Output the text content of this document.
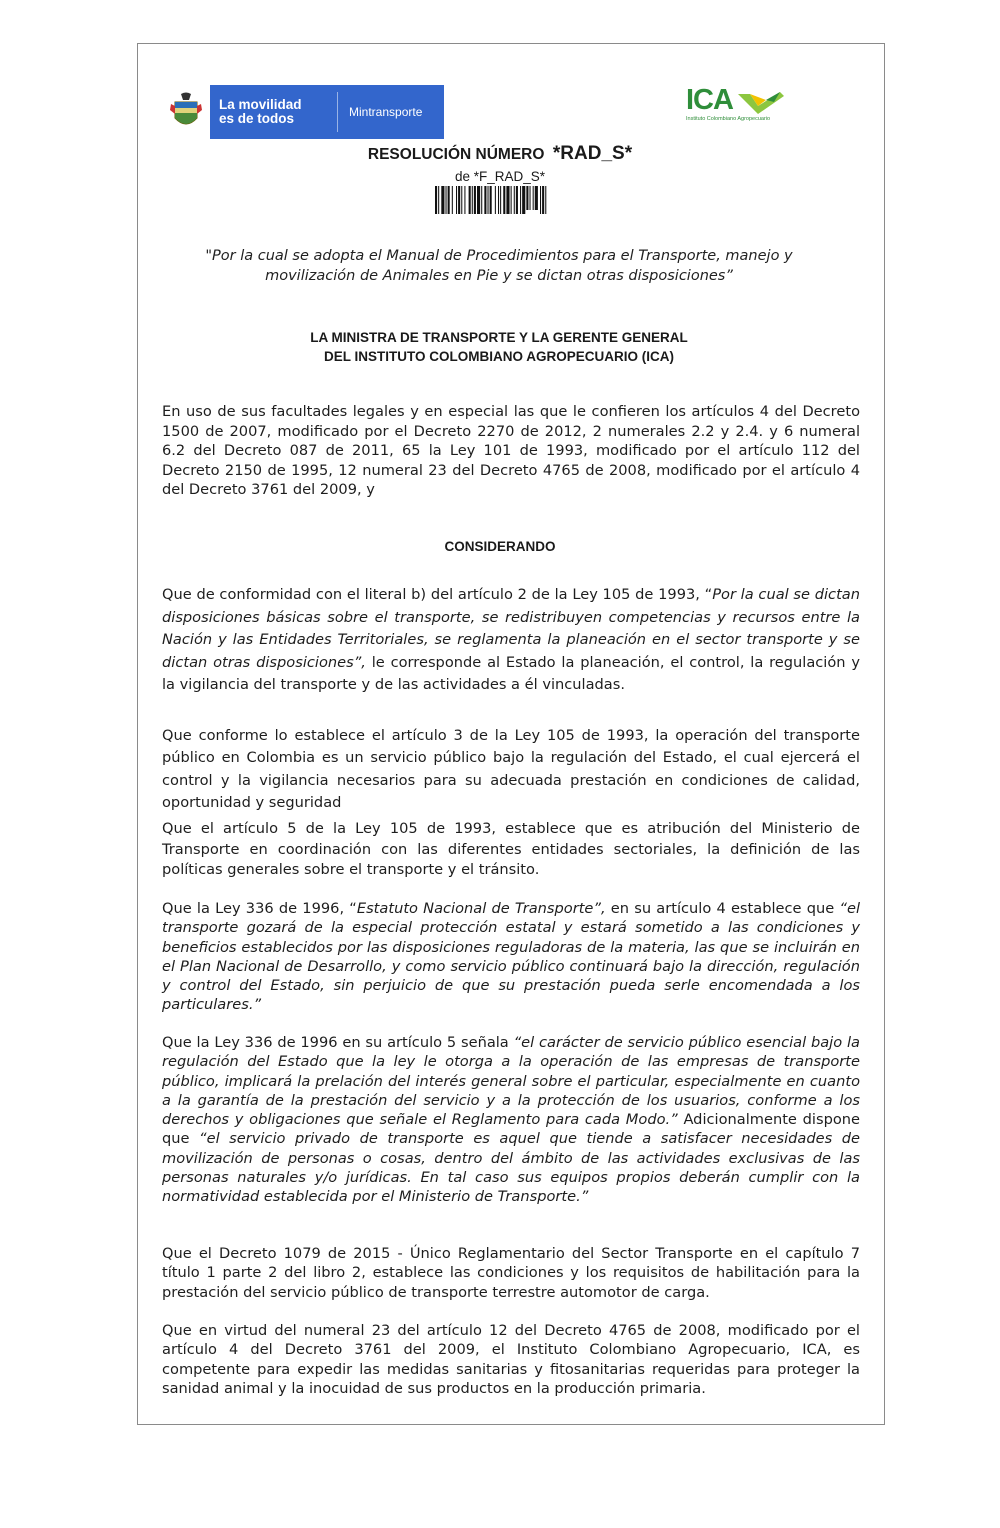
La movilidad
es de todos	Mintransporte	ICA
Instituto Colombiano Agropecuario
RESOLUCIÓN NÚMERO *RAD_S*
de *F_RAD_S*
"Por la cual se adopta el Manual de Procedimientos para el Transporte, manejo y movilización de Animales en Pie y se dictan otras disposiciones”
LA MINISTRA DE TRANSPORTE Y LA GERENTE GENERAL
DEL INSTITUTO COLOMBIANO AGROPECUARIO (ICA)
En uso de sus facultades legales y en especial las que le confieren los artículos 4 del Decreto 1500 de 2007, modificado por el Decreto 2270 de 2012, 2 numerales 2.2 y 2.4. y 6 numeral 6.2 del Decreto 087 de 2011, 65 la Ley 101 de 1993, modificado por el artículo 112 del Decreto 2150 de 1995, 12 numeral 23 del Decreto 4765 de 2008, modificado por el artículo 4 del Decreto 3761 del 2009, y
CONSIDERANDO
Que de conformidad con el literal b) del artículo 2 de la Ley 105 de 1993, “Por la cual se dictan disposiciones básicas sobre el transporte, se redistribuyen competencias y recursos entre la Nación y las Entidades Territoriales, se reglamenta la planeación en el sector transporte y se dictan otras disposiciones”, le corresponde al Estado la planeación, el control, la regulación y la vigilancia del transporte y de las actividades a él vinculadas.
Que conforme lo establece el artículo 3 de la Ley 105 de 1993, la operación del transporte público en Colombia es un servicio público bajo la regulación del Estado, el cual ejercerá el control y la vigilancia necesarios para su adecuada prestación en condiciones de calidad, oportunidad y seguridad
Que el artículo 5 de la Ley 105 de 1993, establece que es atribución del Ministerio de Transporte en coordinación con las diferentes entidades sectoriales, la definición de las políticas generales sobre el transporte y el tránsito.
Que la Ley 336 de 1996, “Estatuto Nacional de Transporte”, en su artículo 4 establece que “el transporte gozará de la especial protección estatal y estará sometido a las condiciones y beneficios establecidos por las disposiciones reguladoras de la materia, las que se incluirán en el Plan Nacional de Desarrollo, y como servicio público continuará bajo la dirección, regulación y control del Estado, sin perjuicio de que su prestación pueda serle encomendada a los particulares.”
Que la Ley 336 de 1996 en su artículo 5 señala “el carácter de servicio público esencial bajo la regulación del Estado que la ley le otorga a la operación de las empresas de transporte público, implicará la prelación del interés general sobre el particular, especialmente en cuanto a la garantía de la prestación del servicio y a la protección de los usuarios, conforme a los derechos y obligaciones que señale el Reglamento para cada Modo.” Adicionalmente dispone que “el servicio privado de transporte es aquel que tiende a satisfacer necesidades de movilización de personas o cosas, dentro del ámbito de las actividades exclusivas de las personas naturales y/o jurídicas. En tal caso sus equipos propios deberán cumplir con la normatividad establecida por el Ministerio de Transporte.”
Que el Decreto 1079 de 2015 - Único Reglamentario del Sector Transporte en el capítulo 7 título 1 parte 2 del libro 2, establece las condiciones y los requisitos de habilitación para la prestación del servicio público de transporte terrestre automotor de carga.
Que en virtud del numeral 23 del artículo 12 del Decreto 4765 de 2008, modificado por el artículo 4 del Decreto 3761 del 2009, el Instituto Colombiano Agropecuario, ICA, es competente para expedir las medidas sanitarias y fitosanitarias requeridas para proteger la sanidad animal y la inocuidad de sus productos en la producción primaria.
